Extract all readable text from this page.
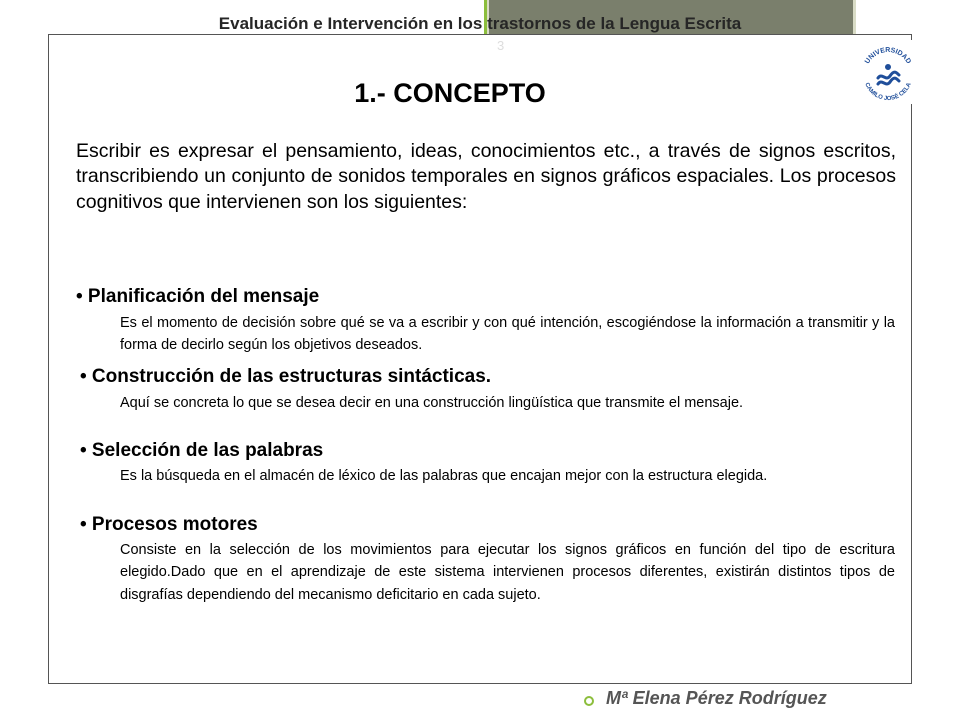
Evaluación e Intervención en los trastornos de la Lengua Escrita
3
UNIVERSIDAD
CAMILO JOSÉ CELA
1.- CONCEPTO

Escribir es expresar el pensamiento, ideas, conocimientos etc., a través de signos escritos, transcribiendo un conjunto de sonidos temporales en signos gráficos espaciales. Los procesos cognitivos que intervienen son los siguientes:

• Planificación del mensaje

Es el momento de decisión sobre qué se va a escribir y con qué intención, escogiéndose la información a transmitir y la forma de decirlo según los objetivos deseados.

• Construcción de las estructuras sintácticas.

Aquí se concreta lo que se desea decir en una construcción lingüística que transmite el mensaje.

• Selección de las palabras

Es la búsqueda en el almacén de léxico de las palabras que encajan mejor con la estructura elegida.

• Procesos motores

Consiste en la selección de los movimientos para ejecutar los signos gráficos en función del tipo de escritura elegido.Dado que en el aprendizaje de este sistema intervienen procesos diferentes, existirán distintos tipos de disgrafías dependiendo del mecanismo deficitario en cada sujeto.

Mª Elena Pérez Rodríguez
